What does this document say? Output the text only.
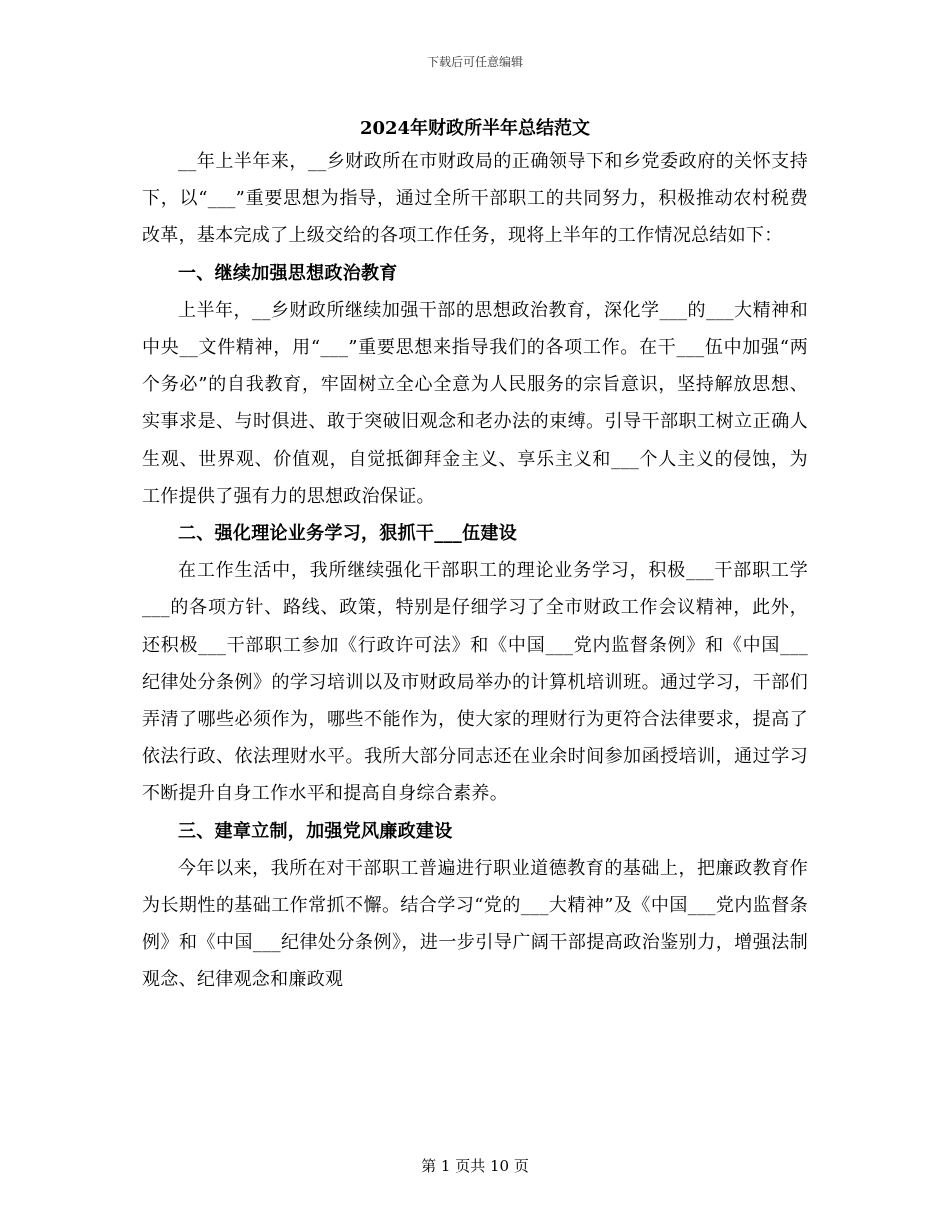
下载后可任意编辑
2024年财政所半年总结范文

__年上半年来，__乡财政所在市财政局的正确领导下和乡党委政府的关怀支持下，以“___”重要思想为指导，通过全所干部职工的共同努力，积极推动农村税费改革，基本完成了上级交给的各项工作任务，现将上半年的工作情况总结如下：

一、继续加强思想政治教育

上半年，__乡财政所继续加强干部的思想政治教育，深化学___的___大精神和中央__文件精神，用“___”重要思想来指导我们的各项工作。在干___伍中加强“两个务必”的自我教育，牢固树立全心全意为人民服务的宗旨意识，坚持解放思想、实事求是、与时俱进、敢于突破旧观念和老办法的束缚。引导干部职工树立正确人生观、世界观、价值观，自觉抵御拜金主义、享乐主义和___个人主义的侵蚀，为工作提供了强有力的思想政治保证。

二、强化理论业务学习，狠抓干___伍建设

在工作生活中，我所继续强化干部职工的理论业务学习，积极___干部职工学___的各项方针、路线、政策，特别是仔细学习了全市财政工作会议精神，此外，还积极___干部职工参加《行政许可法》和《中国___党内监督条例》和《中国___纪律处分条例》的学习培训以及市财政局举办的计算机培训班。通过学习，干部们弄清了哪些必须作为，哪些不能作为，使大家的理财行为更符合法律要求，提高了依法行政、依法理财水平。我所大部分同志还在业余时间参加函授培训，通过学习不断提升自身工作水平和提高自身综合素养。

三、建章立制，加强党风廉政建设

今年以来，我所在对干部职工普遍进行职业道德教育的基础上，把廉政教育作为长期性的基础工作常抓不懈。结合学习“党的___大精神”及《中国___党内监督条例》和《中国___纪律处分条例》，进一步引导广阔干部提高政治鉴别力，增强法制观念、纪律观念和廉政观

第 1 页共 10 页
